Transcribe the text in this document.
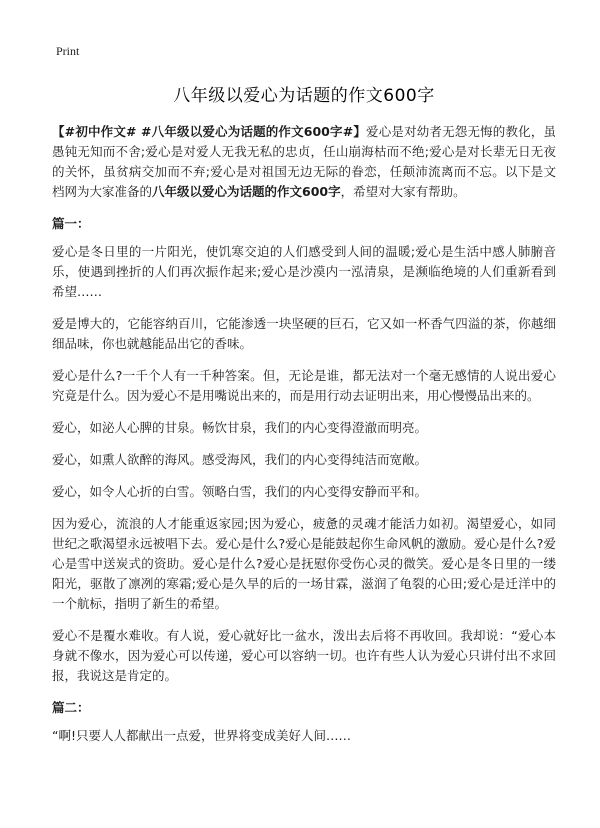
Print
八年级以爱心为话题的作文600字

【#初中作文# #八年级以爱心为话题的作文600字#】爱心是对幼者无怨无悔的教化，虽愚钝无知而不舍;爱心是对爱人无我无私的忠贞，任山崩海枯而不绝;爱心是对长辈无日无夜的关怀，虽贫病交加而不弃;爱心是对祖国无边无际的眷恋，任颠沛流离而不忘。以下是文档网为大家准备的八年级以爱心为话题的作文600字，希望对大家有帮助。

篇一：

爱心是冬日里的一片阳光，使饥寒交迫的人们感受到人间的温暖;爱心是生活中感人肺腑音乐，使遇到挫折的人们再次振作起来;爱心是沙漠内一泓清泉，是濒临绝境的人们重新看到希望……

爱是博大的，它能容纳百川，它能渗透一块坚硬的巨石，它又如一杯香气四溢的茶，你越细细品味，你也就越能品出它的香味。

爱心是什么?一千个人有一千种答案。但，无论是谁，都无法对一个毫无感情的人说出爱心究竟是什么。因为爱心不是用嘴说出来的，而是用行动去证明出来，用心慢慢品出来的。

爱心，如泌人心脾的甘泉。畅饮甘泉，我们的内心变得澄澈而明亮。

爱心，如熏人欲醉的海风。感受海风，我们的内心变得纯洁而宽敞。

爱心，如令人心折的白雪。领略白雪，我们的内心变得安静而平和。

因为爱心，流浪的人才能重返家园;因为爱心，疲惫的灵魂才能活力如初。渴望爱心，如同世纪之歌渴望永远被唱下去。爱心是什么?爱心是能鼓起你生命风帆的激励。爱心是什么?爱心是雪中送炭式的资助。爱心是什么?爱心是抚慰你受伤心灵的微笑。爱心是冬日里的一缕阳光，驱散了凛冽的寒霜;爱心是久旱的后的一场甘霖，滋润了龟裂的心田;爱心是迁洋中的一个航标，指明了新生的希望。

爱心不是覆水难收。有人说，爱心就好比一盆水，泼出去后将不再收回。我却说：“爱心本身就不像水，因为爱心可以传递，爱心可以容纳一切。也许有些人认为爱心只讲付出不求回报，我说这是肯定的。

篇二：

“啊!只要人人都献出一点爱，世界将变成美好人间……
